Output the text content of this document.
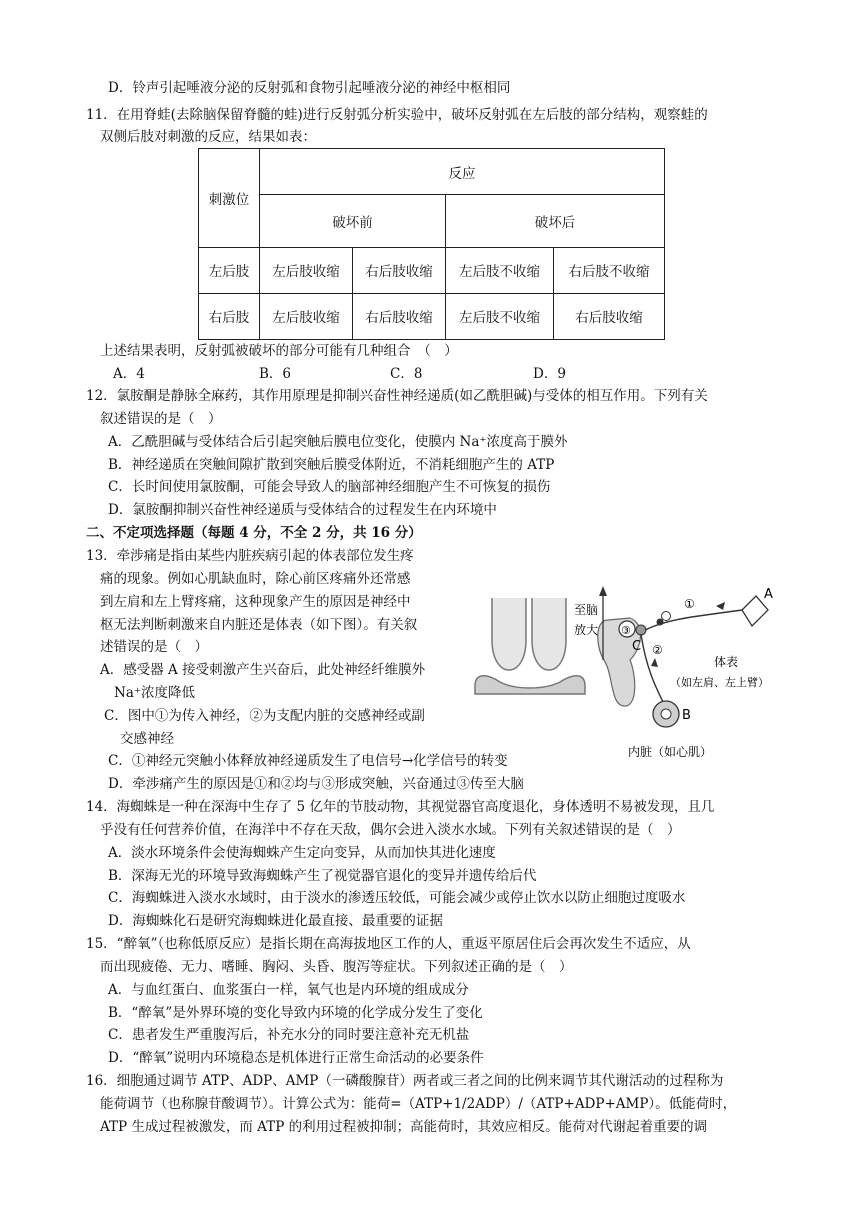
D．铃声引起唾液分泌的反射弧和食物引起唾液分泌的神经中枢相同
11．在用脊蛙(去除脑保留脊髓的蛙)进行反射弧分析实验中，破坏反射弧在左后肢的部分结构，观察蛙的
双侧后肢对刺激的反应，结果如表：
刺激位	反应			
	破坏前		破坏后	
左后肢	左后肢收缩	右后肢收缩	左后肢不收缩	右后肢不收缩
右后肢	左后肢收缩	右后肢收缩	左后肢不收缩	右后肢收缩
上述结果表明，反射弧被破坏的部分可能有几种组合　（　）
A．4	B．6	C．8	D．9
12．氯胺酮是静脉全麻药，其作用原理是抑制兴奋性神经递质(如乙酰胆碱)与受体的相互作用。下列有关
叙述错误的是（　）
A．乙酰胆碱与受体结合后引起突触后膜电位变化，使膜内 Na⁺浓度高于膜外
B．神经递质在突触间隙扩散到突触后膜受体附近，不消耗细胞产生的 ATP
C．长时间使用氯胺酮，可能会导致人的脑部神经细胞产生不可恢复的损伤
D．氯胺酮抑制兴奋性神经递质与受体结合的过程发生在内环境中
二、不定项选择题（每题 4 分，不全 2 分，共 16 分）
13．牵涉痛是指由某些内脏疾病引起的体表部位发生疼
痛的现象。例如心肌缺血时，除心前区疼痛外还常感
到左肩和左上臂疼痛，这种现象产生的原因是神经中
枢无法判断刺激来自内脏还是体表（如下图）。有关叙
述错误的是（　）
A．感受器 A 接受刺激产生兴奋后，此处神经纤维膜外
Na⁺浓度降低
C．图中①为传入神经，②为支配内脏的交感神经或副
交感神经
C．①神经元突触小体释放神经递质发生了电信号→化学信号的转变
D．牵涉痛产生的原因是①和②均与③形成突触，兴奋通过③传至大脑
至脑
放大 ③
C
①
A
②
B
体表
（如左肩、左上臂）
内脏（如心肌）
14．海蜘蛛是一种在深海中生存了 5 亿年的节肢动物，其视觉器官高度退化，身体透明不易被发现，且几
乎没有任何营养价值，在海洋中不存在天敌，偶尔会进入淡水水域。下列有关叙述错误的是（　）
A．淡水环境条件会使海蜘蛛产生定向变异，从而加快其进化速度
B．深海无光的环境导致海蜘蛛产生了视觉器官退化的变异并遗传给后代
C．海蜘蛛进入淡水水域时，由于淡水的渗透压较低，可能会减少或停止饮水以防止细胞过度吸水
D．海蜘蛛化石是研究海蜘蛛进化最直接、最重要的证据
15．“醉氧”（也称低原反应）是指长期在高海拔地区工作的人，重返平原居住后会再次发生不适应，从
而出现疲倦、无力、嗜睡、胸闷、头昏、腹泻等症状。下列叙述正确的是（　）
A．与血红蛋白、血浆蛋白一样，氧气也是内环境的组成成分
B．“醉氧”是外界环境的变化导致内环境的化学成分发生了变化
C．患者发生严重腹泻后，补充水分的同时要注意补充无机盐
D．“醉氧”说明内环境稳态是机体进行正常生命活动的必要条件
16．细胞通过调节 ATP、ADP、AMP（一磷酸腺苷）两者或三者之间的比例来调节其代谢活动的过程称为
能荷调节（也称腺苷酸调节）。计算公式为：能荷=（ATP+1/2ADP）/（ATP+ADP+AMP）。低能荷时，
ATP 生成过程被激发，而 ATP 的利用过程被抑制；高能荷时，其效应相反。能荷对代谢起着重要的调
